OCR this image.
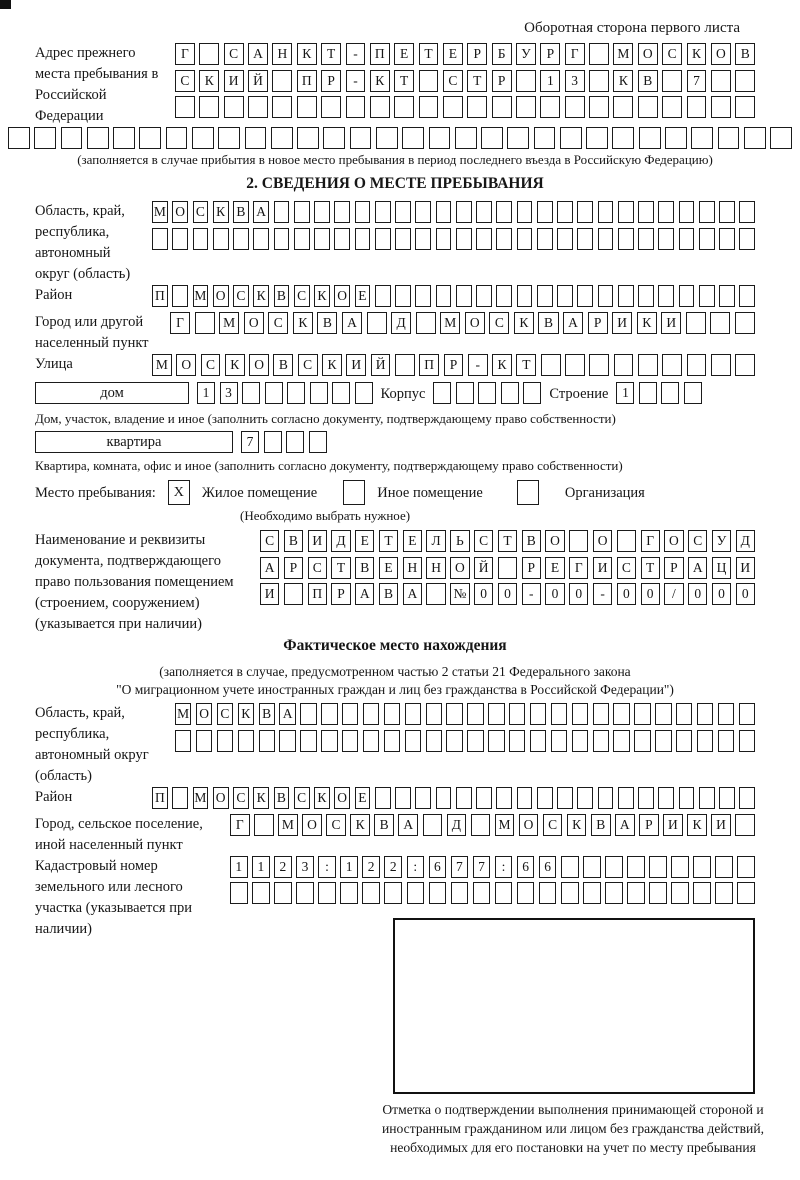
Оборотная сторона первого листа
Адрес прежнего места пребывания в Российской Федерации
Г	С	А	Н	К	Т	-	П	Е	Т	Е	Р	Б	У	Р	Г	М О	С	К	О	В
С	К	И	Й	П	Р	-	К	Т	С	Т	Р	1	3	К	В	7
(заполняется в случае прибытия в новое место пребывания в период последнего въезда в Российскую Федерацию)
2. СВЕДЕНИЯ О МЕСТЕ ПРЕБЫВАНИЯ
Область, край, республика, автономный округ (область)
М О С К В А
Район	П М О С К В С К О Е
Город или другой населенный пункт
Г	М	О	С	К	В	А	Д	М	О	С	К	В	А	Р	И	К	И
Улица	М О	С	К	О	В	С	К	И	Й	П	Р	-	К	Т
дом	1	3	Корпус	Строение	1
Дом, участок, владение и иное (заполнить согласно документу, подтверждающему право собственности)
квартира	7
Квартира, комната, офис и иное (заполнить согласно документу, подтверждающему право собственности)
Место пребывания:	X	Жилое помещение	Иное помещение	Организация
(Необходимо выбрать нужное)
Наименование и реквизиты документа, подтверждающего право пользования помещением (строением, сооружением) (указывается при наличии)
С	В	И	Д	Е	Т	Е	Л	Ь	С	Т	В	О	О	Г	О	С	У	Д
А	Р	С	Т	В	Е	Н	Н	О	Й	Р	Е	Г	И	С	Т	Р	А	Ц	И
И	П	Р	А	В	А	№	0	0	-	0	0	-	0	0	/	0	0	0
Фактическое место нахождения
(заполняется в случае, предусмотренном частью 2 статьи 21 Федерального закона
"О миграционном учете иностранных граждан и лиц без гражданства в Российской Федерации")
Область, край, республика, автономный округ (область)
М О С К В А
Район	П М О С К В С К О Е
Город, сельское поселение, иной населенный пункт
Г	М О	С	К	В	А	Д	М О	С	К	В	А	Р	И	К	И
Кадастровый номер земельного или лесного участка (указывается при наличии)
1	1	2	3	:	1	2	2	:	6	7	7	:	6	6
Отметка о подтверждении выполнения принимающей стороной и иностранным гражданином или лицом без гражданства действий, необходимых для его постановки на учет по месту пребывания
